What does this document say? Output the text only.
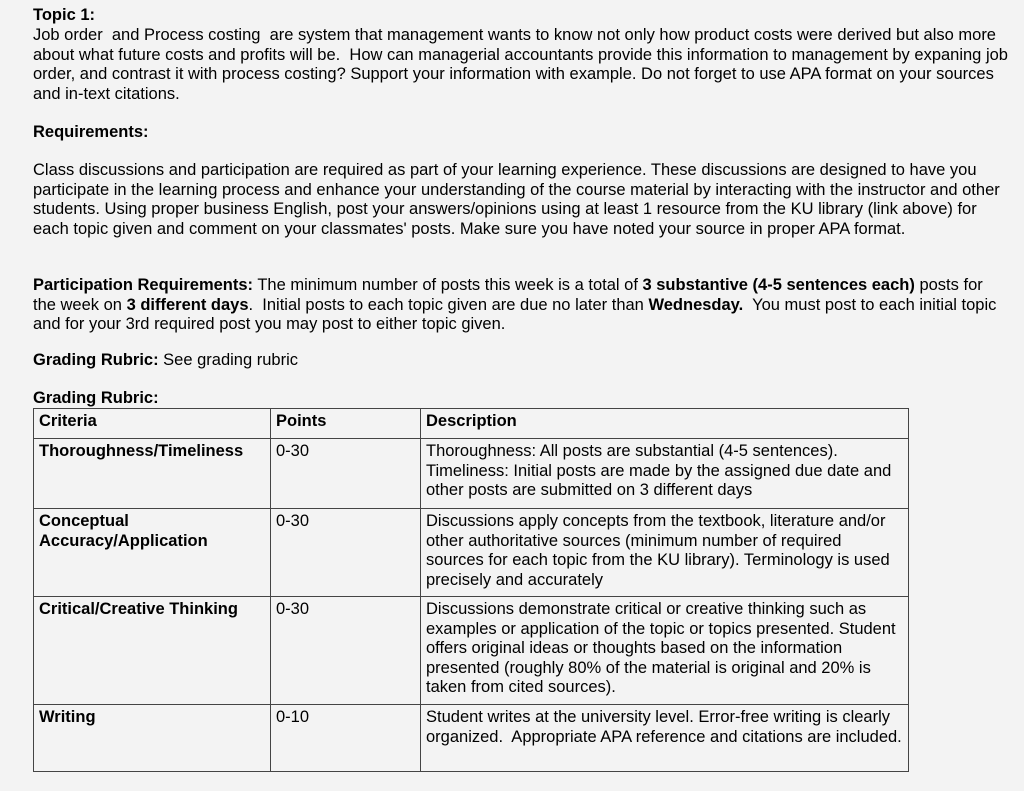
Topic 1:

Job order  and Process costing  are system that management wants to know not only how product costs were derived but also more about what future costs and profits will be.  How can managerial accountants provide this information to management by expaning job order, and contrast it with process costing? Support your information with example. Do not forget to use APA format on your sources and in-text citations.

Requirements:

Class discussions and participation are required as part of your learning experience. These discussions are designed to have you participate in the learning process and enhance your understanding of the course material by interacting with the instructor and other students. Using proper business English, post your answers/opinions using at least 1 resource from the KU library (link above) for each topic given and comment on your classmates' posts. Make sure you have noted your source in proper APA format.

Participation Requirements: The minimum number of posts this week is a total of 3 substantive (4-5 sentences each) posts for the week on 3 different days.  Initial posts to each topic given are due no later than Wednesday.  You must post to each initial topic and for your 3rd required post you may post to either topic given.

Grading Rubric: See grading rubric

Grading Rubric:

Criteria	Points	Description
Thoroughness/Timeliness	0-30	Thoroughness: All posts are substantial (4-5 sentences). Timeliness: Initial posts are made by the assigned due date and other posts are submitted on 3 different days
Conceptual Accuracy/Application	0-30	Discussions apply concepts from the textbook, literature and/or   other authoritative sources (minimum number of required sources for each topic from the KU library). Terminology is used precisely and accurately
Critical/Creative Thinking	0-30	Discussions demonstrate critical or creative thinking such as examples or application of the topic or topics presented. Student offers original ideas or thoughts based on the information presented (roughly 80% of the material is original and 20% is taken from cited sources).
Writing	0-10	Student writes at the university level. Error-free writing is clearly organized.  Appropriate APA reference and citations are included.
